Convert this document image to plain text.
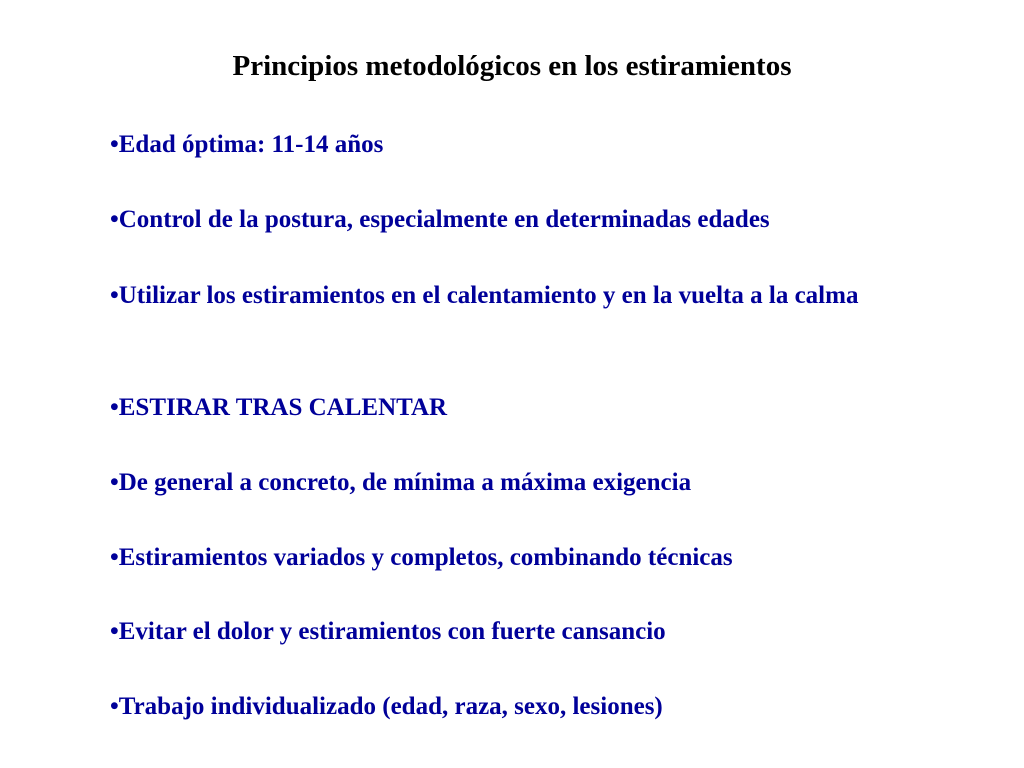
Principios metodológicos en los estiramientos

•Edad óptima: 11-14 años

•Control de la postura, especialmente en determinadas edades

•Utilizar los estiramientos en el calentamiento y en la vuelta a la calma

•ESTIRAR TRAS CALENTAR

•De general a concreto, de mínima a máxima exigencia

•Estiramientos variados y completos, combinando técnicas

•Evitar el dolor y estiramientos con fuerte cansancio

•Trabajo individualizado (edad, raza, sexo, lesiones)
